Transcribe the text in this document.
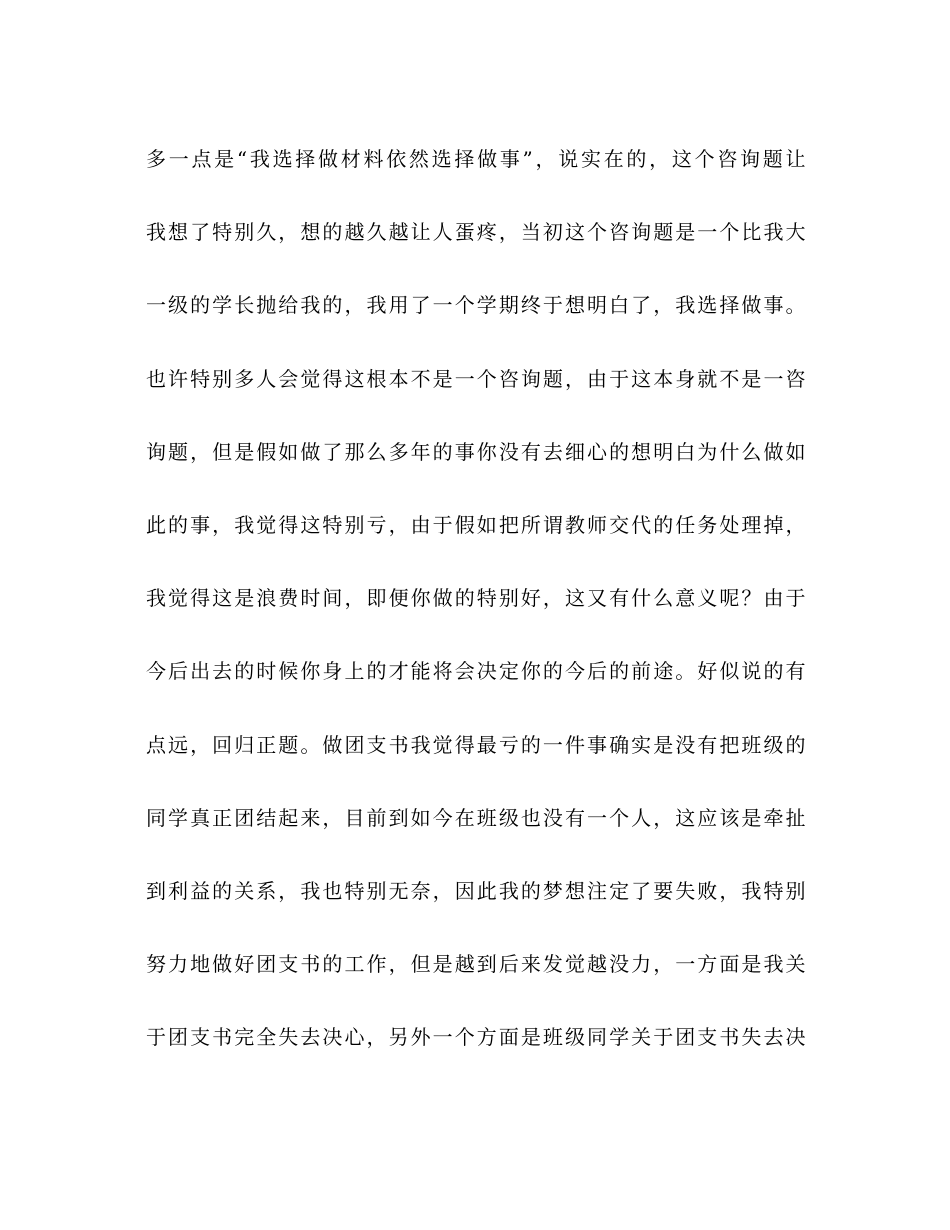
多一点是“我选择做材料依然选择做事”，说实在的，这个咨询题让
我想了特别久，想的越久越让人蛋疼，当初这个咨询题是一个比我大
一级的学长抛给我的，我用了一个学期终于想明白了，我选择做事。
也许特别多人会觉得这根本不是一个咨询题，由于这本身就不是一咨
询题，但是假如做了那么多年的事你没有去细心的想明白为什么做如
此的事，我觉得这特别亏，由于假如把所谓教师交代的任务处理掉，
我觉得这是浪费时间，即便你做的特别好，这又有什么意义呢？由于
今后出去的时候你身上的才能将会决定你的今后的前途。好似说的有
点远，回归正题。做团支书我觉得最亏的一件事确实是没有把班级的
同学真正团结起来，目前到如今在班级也没有一个人，这应该是牵扯
到利益的关系，我也特别无奈，因此我的梦想注定了要失败，我特别
努力地做好团支书的工作，但是越到后来发觉越没力，一方面是我关
于团支书完全失去决心，另外一个方面是班级同学关于团支书失去决
